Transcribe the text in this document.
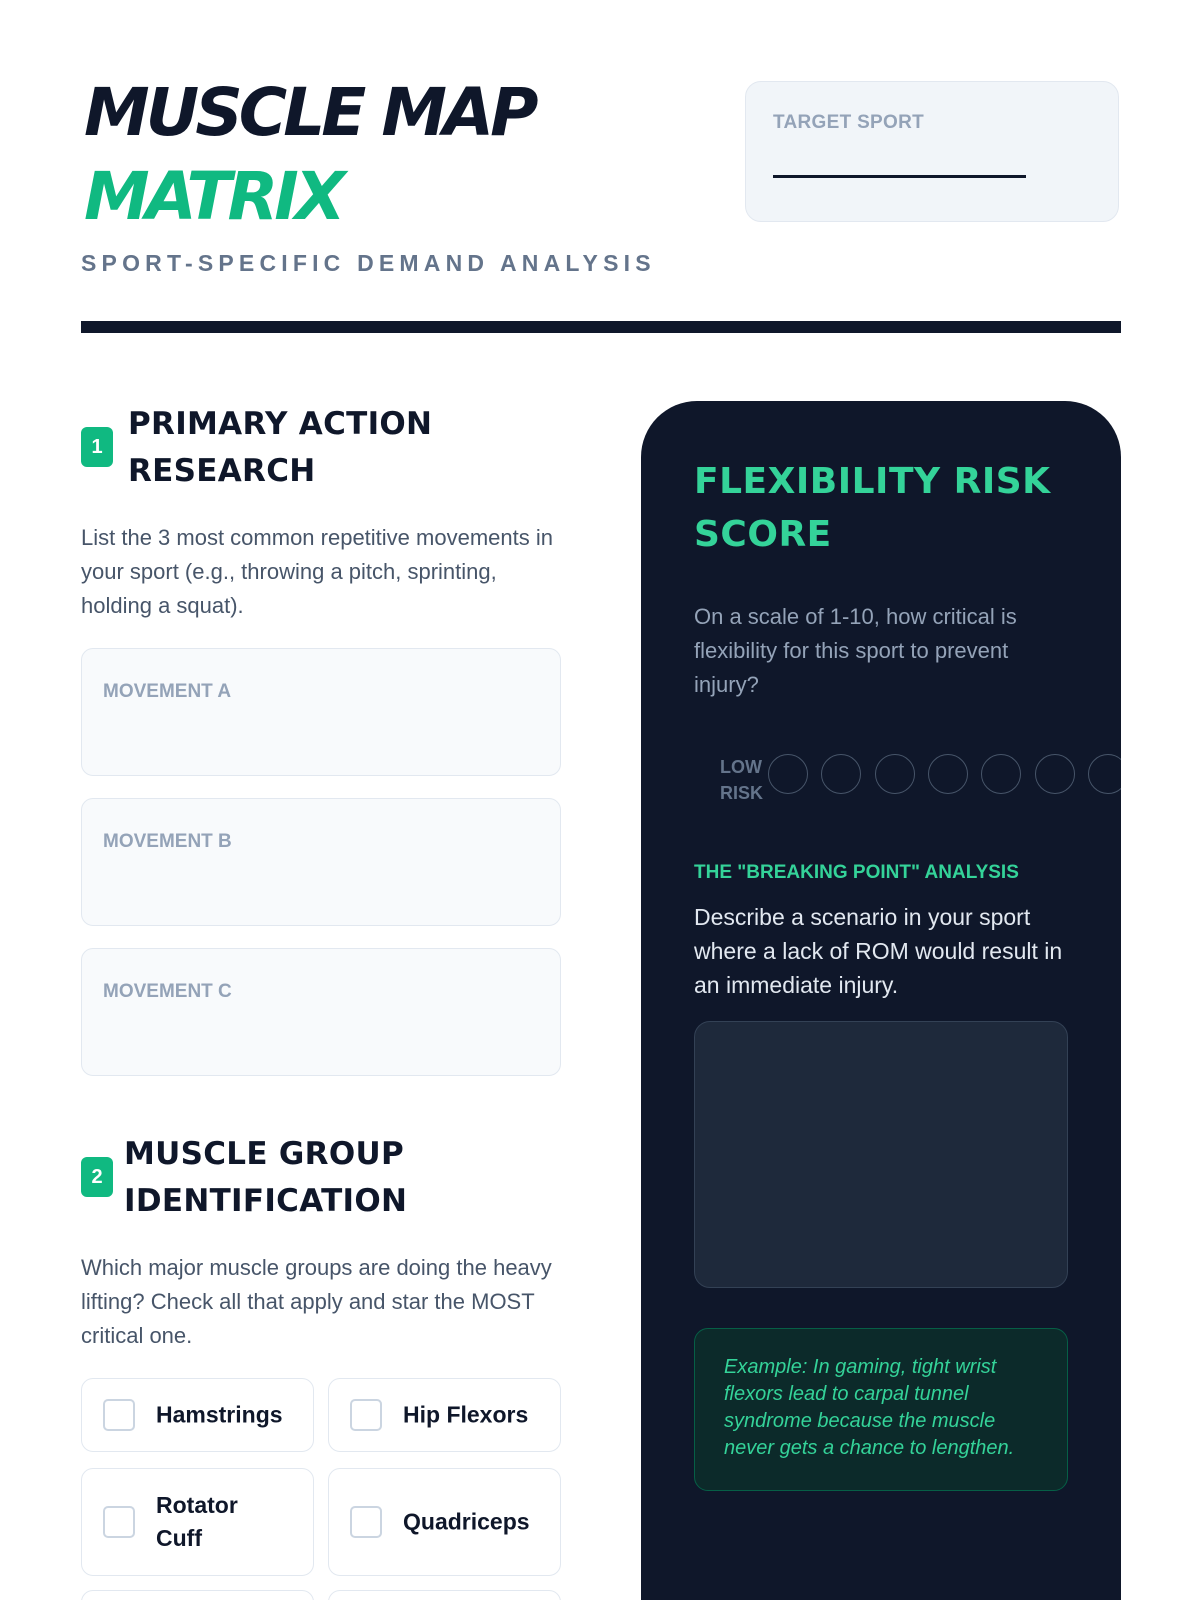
MUSCLE MAP
MATRIX
SPORT-SPECIFIC DEMAND ANALYSIS
TARGET SPORT
1
PRIMARY ACTION RESEARCH
List the 3 most common repetitive movements in your sport (e.g., throwing a pitch, sprinting, holding a squat).
MOVEMENT A
MOVEMENT B
MOVEMENT C
2
MUSCLE GROUP IDENTIFICATION
Which major muscle groups are doing the heavy lifting? Check all that apply and star the MOST critical one.
Hamstrings	Hip Flexors
Rotator Cuff
Quadriceps
FLEXIBILITY RISK SCORE
On a scale of 1-10, how critical is flexibility for this sport to prevent injury?
LOW RISK
THE "BREAKING POINT" ANALYSIS
Describe a scenario in your sport where a lack of ROM would result in an immediate injury.
Example: In gaming, tight wrist flexors lead to carpal tunnel syndrome because the muscle never gets a chance to lengthen.
